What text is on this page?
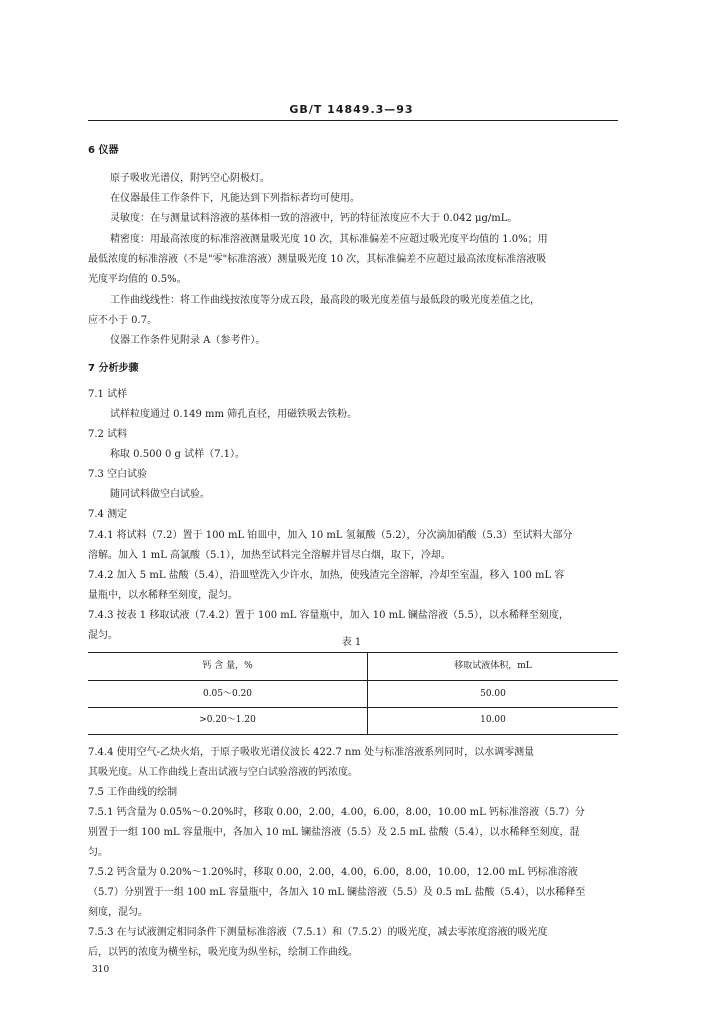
GB/T 14849.3—93
6 仪器
原子吸收光谱仪，附钙空心阴极灯。
在仪器最佳工作条件下，凡能达到下列指标者均可使用。
灵敏度：在与测量试料溶液的基体相一致的溶液中，钙的特征浓度应不大于 0.042 μg/mL。
精密度：用最高浓度的标准溶液测量吸光度 10 次，其标准偏差不应超过吸光度平均值的 1.0%；用
最低浓度的标准溶液（不是"零"标准溶液）测量吸光度 10 次，其标准偏差不应超过最高浓度标准溶液吸
光度平均值的 0.5%。
工作曲线线性：将工作曲线按浓度等分成五段，最高段的吸光度差值与最低段的吸光度差值之比，
应不小于 0.7。
仪器工作条件见附录 A（参考件）。
7 分析步骤
7.1 试样
试样粒度通过 0.149 mm 筛孔直径，用磁铁吸去铁粉。
7.2 试料
称取 0.500 0 g 试样（7.1）。
7.3 空白试验
随同试料做空白试验。
7.4 测定
7.4.1 将试料（7.2）置于 100 mL 铂皿中，加入 10 mL 氢氟酸（5.2），分次滴加硝酸（5.3）至试料大部分
溶解。加入 1 mL 高氯酸（5.1），加热至试料完全溶解并冒尽白烟，取下，冷却。
7.4.2 加入 5 mL 盐酸（5.4），沿皿壁洗入少许水，加热，使残渣完全溶解，冷却至室温，移入 100 mL 容
量瓶中，以水稀释至刻度，混匀。
7.4.3 按表 1 移取试液（7.4.2）置于 100 mL 容量瓶中，加入 10 mL 镧盐溶液（5.5），以水稀释至刻度，
混匀。
7.4.4 使用空气-乙炔火焰，于原子吸收光谱仪波长 422.7 nm 处与标准溶液系列同时，以水调零测量
其吸光度。从工作曲线上查出试液与空白试验溶液的钙浓度。
7.5 工作曲线的绘制
7.5.1 钙含量为 0.05%～0.20%时，移取 0.00，2.00，4.00，6.00，8.00，10.00 mL 钙标准溶液（5.7）分
别置于一组 100 mL 容量瓶中，各加入 10 mL 镧盐溶液（5.5）及 2.5 mL 盐酸（5.4），以水稀释至刻度，混
匀。
7.5.2 钙含量为 0.20%～1.20%时，移取 0.00，2.00，4.00，6.00，8.00，10.00，12.00 mL 钙标准溶液
（5.7）分别置于一组 100 mL 容量瓶中，各加入 10 mL 镧盐溶液（5.5）及 0.5 mL 盐酸（5.4），以水稀释至
刻度，混匀。
7.5.3 在与试液测定相同条件下测量标准溶液（7.5.1）和（7.5.2）的吸光度，减去零浓度溶液的吸光度
后，以钙的浓度为横坐标，吸光度为纵坐标，绘制工作曲线。
表 1
钙 含 量，%	移取试液体积，mL
0.05～0.20	50.00
>0.20～1.20	10.00
310
